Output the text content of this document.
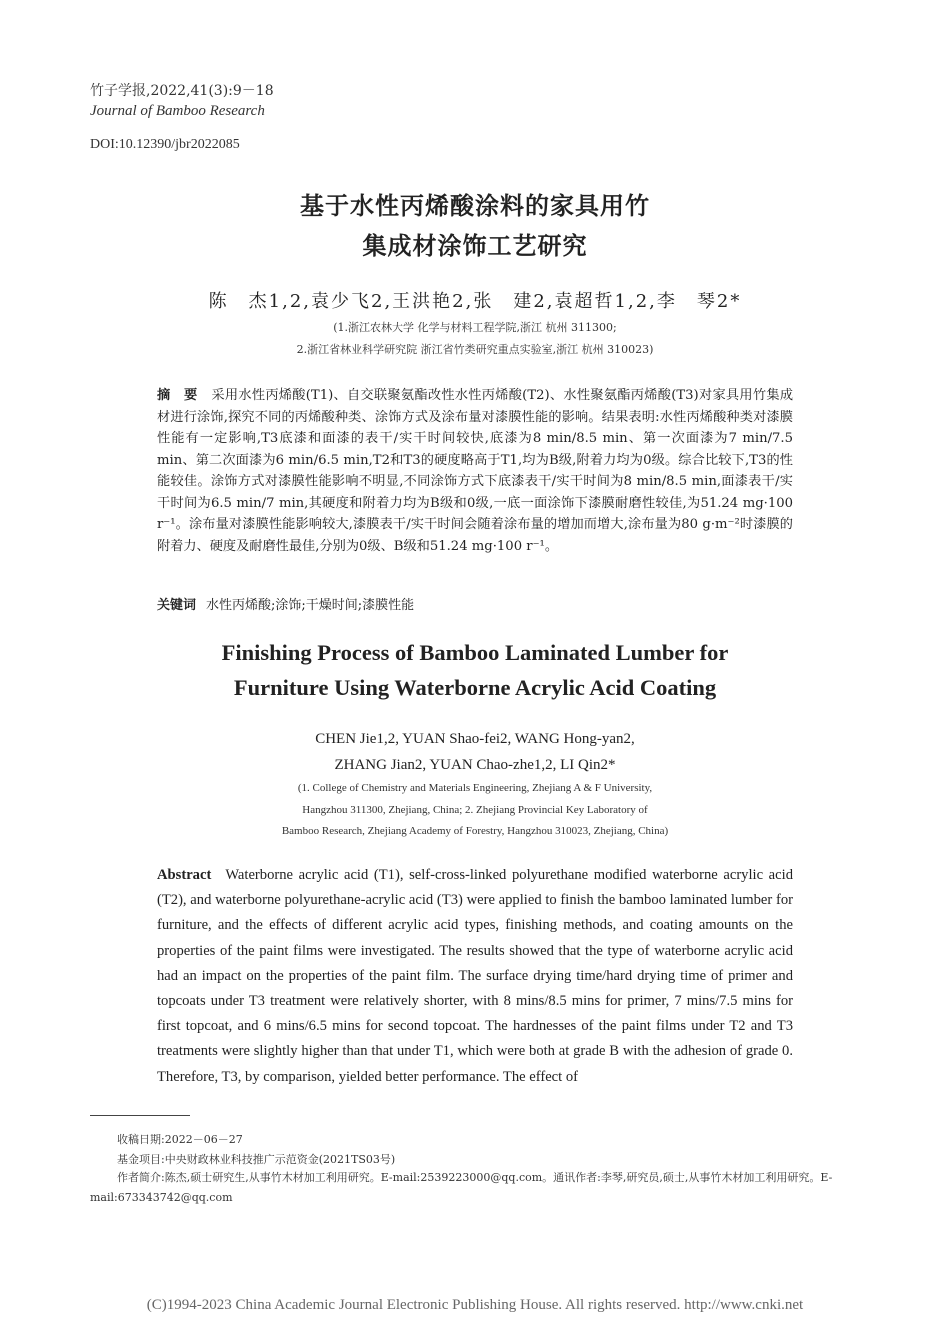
竹子学报,2022,41(3):9－18
Journal of Bamboo Research
DOI:10.12390/jbr2022085
基于水性丙烯酸涂料的家具用竹
集成材涂饰工艺研究
陈　杰1,2,袁少飞2,王洪艳2,张　建2,袁超哲1,2,李　琴2*
(1.浙江农林大学 化学与材料工程学院,浙江 杭州 311300;
2.浙江省林业科学研究院 浙江省竹类研究重点实验室,浙江 杭州 310023)
摘　要 采用水性丙烯酸(T1)、自交联聚氨酯改性水性丙烯酸(T2)、水性聚氨酯丙烯酸(T3)对家具用竹集成材进行涂饰,探究不同的丙烯酸种类、涂饰方式及涂布量对漆膜性能的影响。结果表明:水性丙烯酸种类对漆膜性能有一定影响,T3底漆和面漆的表干/实干时间较快,底漆为8 min/8.5 min、第一次面漆为7 min/7.5 min、第二次面漆为6 min/6.5 min,T2和T3的硬度略高于T1,均为B级,附着力均为0级。综合比较下,T3的性能较佳。涂饰方式对漆膜性能影响不明显,不同涂饰方式下底漆表干/实干时间为8 min/8.5 min,面漆表干/实干时间为6.5 min/7 min,其硬度和附着力均为B级和0级,一底一面涂饰下漆膜耐磨性较佳,为51.24 mg·100 r⁻¹。涂布量对漆膜性能影响较大,漆膜表干/实干时间会随着涂布量的增加而增大,涂布量为80 g·m⁻²时漆膜的附着力、硬度及耐磨性最佳,分别为0级、B级和51.24 mg·100 r⁻¹。
关键词 水性丙烯酸;涂饰;干燥时间;漆膜性能
Finishing Process of Bamboo Laminated Lumber for
Furniture Using Waterborne Acrylic Acid Coating
CHEN Jie1,2, YUAN Shao-fei2, WANG Hong-yan2,
ZHANG Jian2, YUAN Chao-zhe1,2, LI Qin2*
(1. College of Chemistry and Materials Engineering, Zhejiang A & F University,
Hangzhou 311300, Zhejiang, China; 2. Zhejiang Provincial Key Laboratory of
Bamboo Research, Zhejiang Academy of Forestry, Hangzhou 310023, Zhejiang, China)
Abstract Waterborne acrylic acid (T1), self-cross-linked polyurethane modified waterborne acrylic acid (T2), and waterborne polyurethane-acrylic acid (T3) were applied to finish the bamboo laminated lumber for furniture, and the effects of different acrylic acid types, finishing methods, and coating amounts on the properties of the paint films were investigated. The results showed that the type of waterborne acrylic acid had an impact on the properties of the paint film. The surface drying time/hard drying time of primer and topcoats under T3 treatment were relatively shorter, with 8 mins/8.5 mins for primer, 7 mins/7.5 mins for first topcoat, and 6 mins/6.5 mins for second topcoat. The hardnesses of the paint films under T2 and T3 treatments were slightly higher than that under T1, which were both at grade B with the adhesion of grade 0. Therefore, T3, by comparison, yielded better performance. The effect of
收稿日期:2022－06－27
基金项目:中央财政林业科技推广示范资金(2021TS03号)
作者简介:陈杰,硕士研究生,从事竹木材加工利用研究。E-mail:2539223000@qq.com。通讯作者:李琴,研究员,硕士,从事竹木材加工利用研究。E-mail:673343742@qq.com
(C)1994-2023 China Academic Journal Electronic Publishing House. All rights reserved. http://www.cnki.net
